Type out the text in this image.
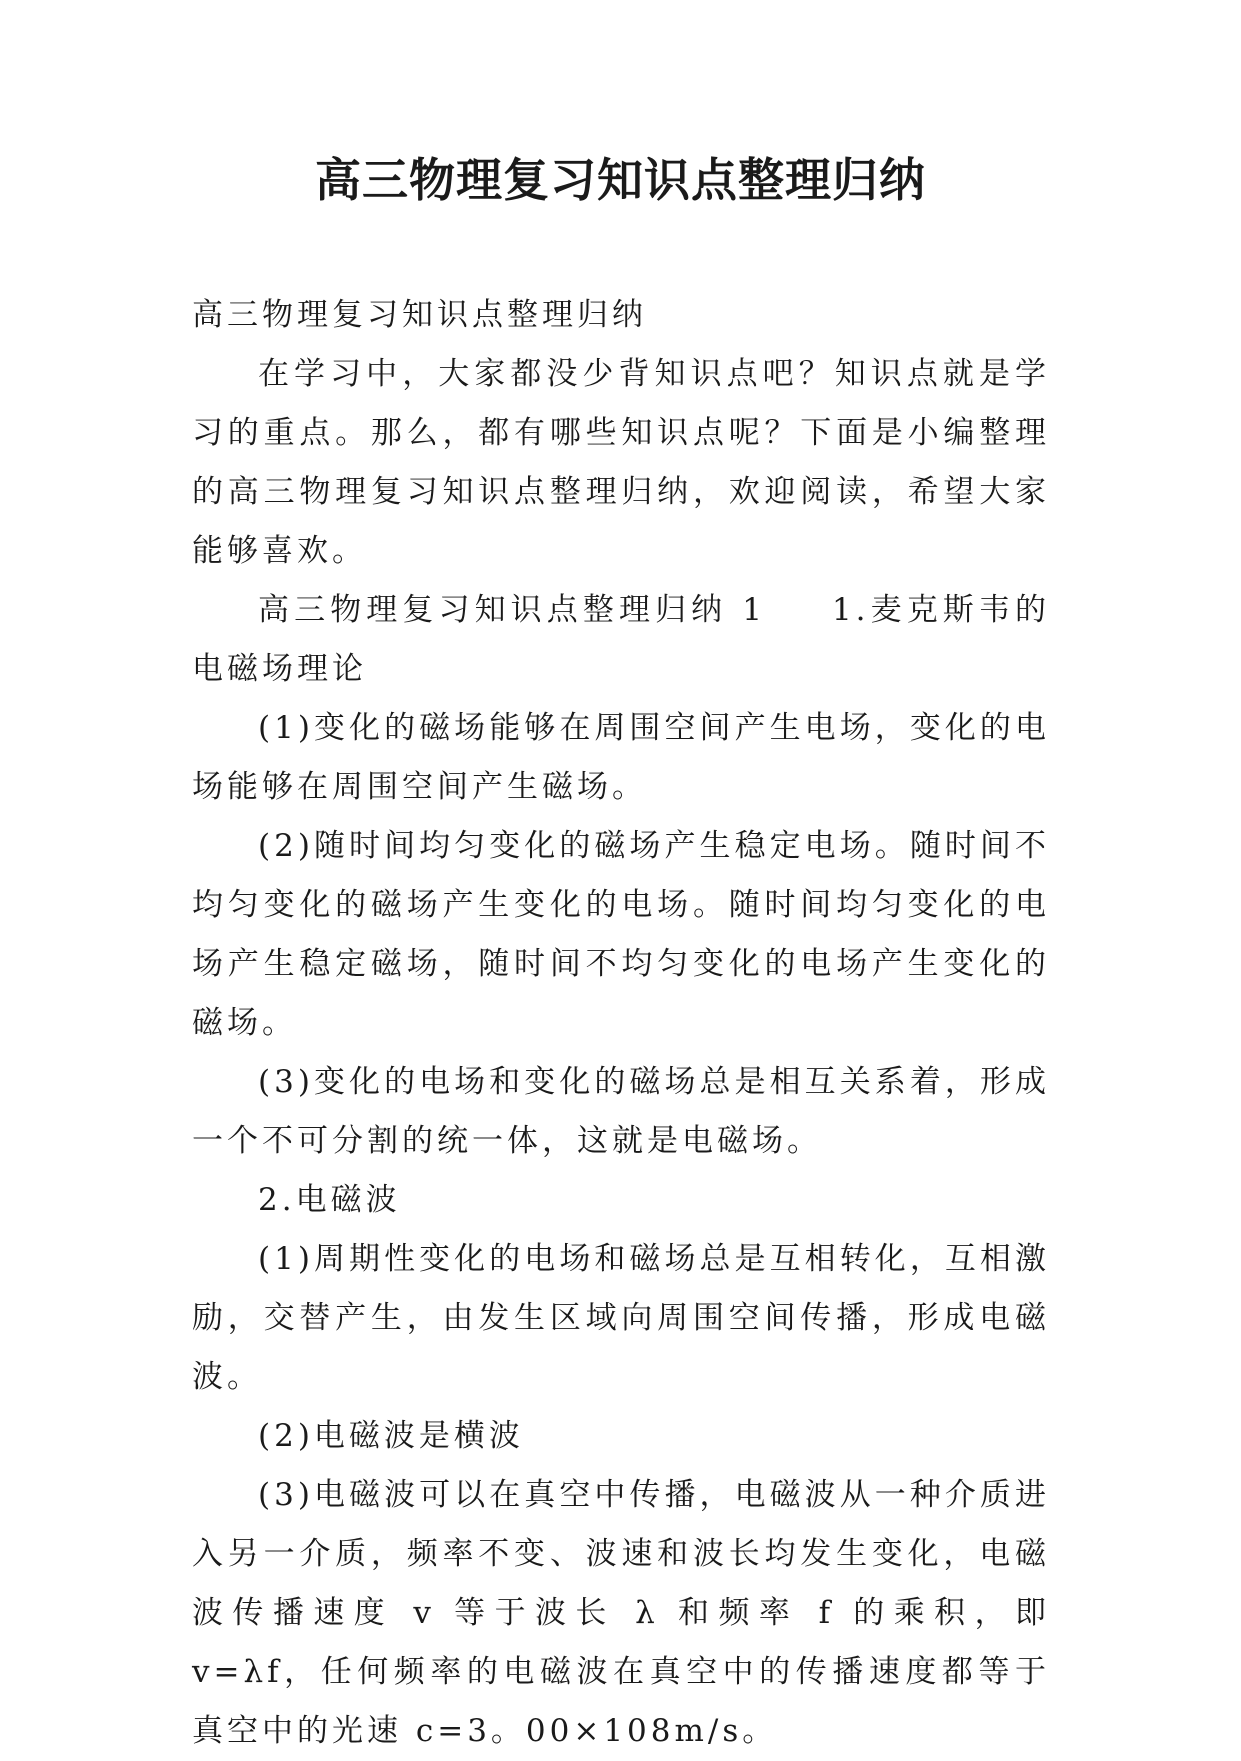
高三物理复习知识点整理归纳

高三物理复习知识点整理归纳

在学习中，大家都没少背知识点吧？知识点就是学习的重点。那么，都有哪些知识点呢？下面是小编整理的高三物理复习知识点整理归纳，欢迎阅读，希望大家能够喜欢。

高三物理复习知识点整理归纳 1 1.麦克斯韦的电磁场理论

(1)变化的磁场能够在周围空间产生电场，变化的电场能够在周围空间产生磁场。

(2)随时间均匀变化的磁场产生稳定电场。随时间不均匀变化的磁场产生变化的电场。随时间均匀变化的电场产生稳定磁场，随时间不均匀变化的电场产生变化的磁场。

(3)变化的电场和变化的磁场总是相互关系着，形成一个不可分割的统一体，这就是电磁场。

2.电磁波

(1)周期性变化的电场和磁场总是互相转化，互相激励，交替产生，由发生区域向周围空间传播，形成电磁波。

(2)电磁波是横波

(3)电磁波可以在真空中传播，电磁波从一种介质进入另一介质，频率不变、波速和波长均发生变化，电磁波传播速度 v 等于波长 λ 和频率 f 的乘积，即 v=λf，任何频率的电磁波在真空中的传播速度都等于真空中的光速 c=3。00×108m/s。
